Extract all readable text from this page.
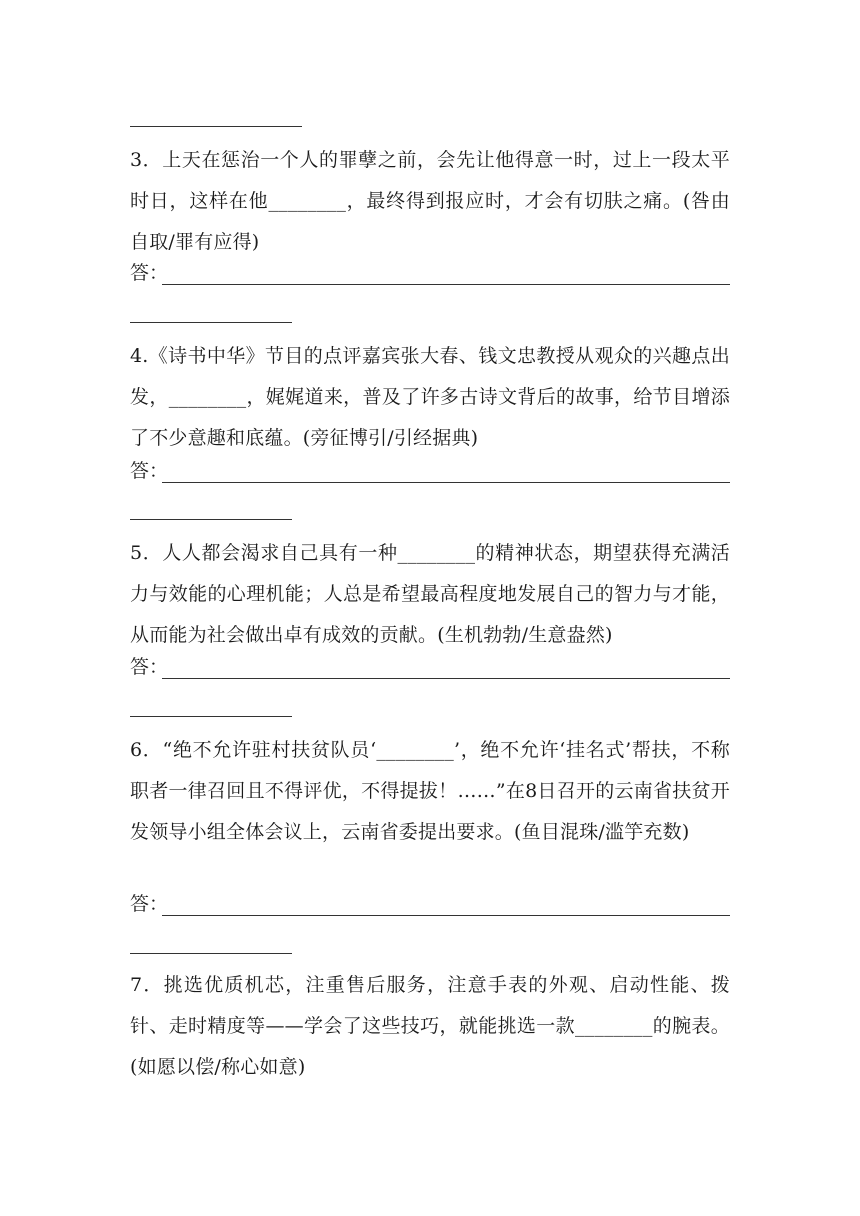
3．上天在惩治一个人的罪孽之前，会先让他得意一时，过上一段太平时日，这样在他________，最终得到报应时，才会有切肤之痛。(咎由自取/罪有应得)
答：
4.《诗书中华》节目的点评嘉宾张大春、钱文忠教授从观众的兴趣点出发，________，娓娓道来，普及了许多古诗文背后的故事，给节目增添了不少意趣和底蕴。(旁征博引/引经据典)
答：
5．人人都会渴求自己具有一种________的精神状态，期望获得充满活力与效能的心理机能；人总是希望最高程度地发展自己的智力与才能，从而能为社会做出卓有成效的贡献。(生机勃勃/生意盎然)
答：
6．“绝不允许驻村扶贫队员‘________’，绝不允许‘挂名式’帮扶，不称职者一律召回且不得评优，不得提拔！……”在8日召开的云南省扶贫开发领导小组全体会议上，云南省委提出要求。(鱼目混珠/滥竽充数)
答：
7．挑选优质机芯，注重售后服务，注意手表的外观、启动性能、拨针、走时精度等——学会了这些技巧，就能挑选一款________的腕表。(如愿以偿/称心如意)
